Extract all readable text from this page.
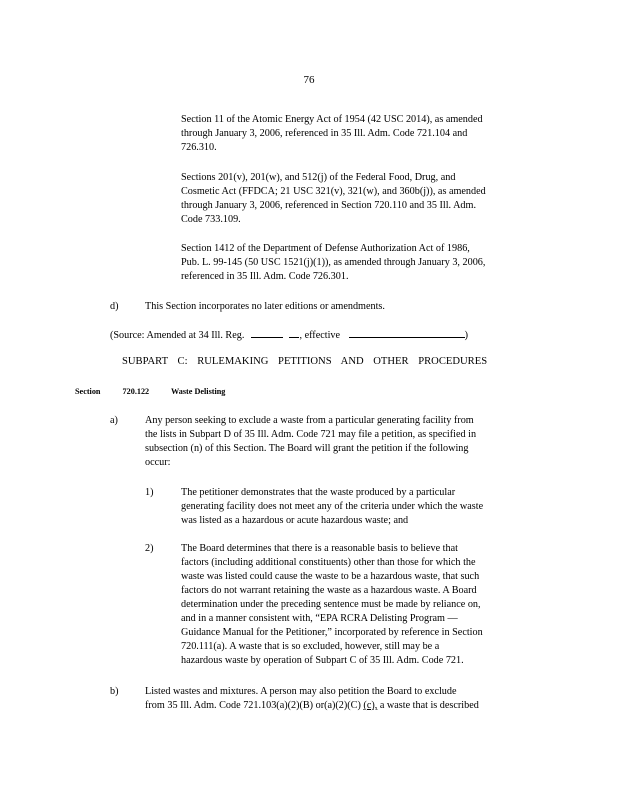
76
Section 11 of the Atomic Energy Act of 1954 (42 USC 2014), as amended
through January 3, 2006, referenced in 35 Ill. Adm. Code 721.104 and
726.310.
Sections 201(v), 201(w), and 512(j) of the Federal Food, Drug, and
Cosmetic Act (FFDCA; 21 USC 321(v), 321(w), and 360b(j)), as amended
through January 3, 2006, referenced in Section 720.110 and 35 Ill. Adm.
Code 733.109.
Section 1412 of the Department of Defense Authorization Act of 1986,
Pub. L. 99-145 (50 USC 1521(j)(1)), as amended through January 3, 2006,
referenced in 35 Ill. Adm. Code 726.301.
d)	This Section incorporates no later editions or amendments.
(Source: Amended at 34 Ill. Reg.	, effective	)
SUBPART C: RULEMAKING PETITIONS AND OTHER PROCEDURES
Section	720.122	Waste Delisting
a)	Any person seeking to exclude a waste from a particular generating facility from
the lists in Subpart D of 35 Ill. Adm. Code 721 may file a petition, as specified in
subsection (n) of this Section. The Board will grant the petition if the following
occur:
1)	The petitioner demonstrates that the waste produced by a particular
generating facility does not meet any of the criteria under which the waste
was listed as a hazardous or acute hazardous waste; and
2)	The Board determines that there is a reasonable basis to believe that
factors (including additional constituents) other than those for which the
waste was listed could cause the waste to be a hazardous waste, that such
factors do not warrant retaining the waste as a hazardous waste. A Board
determination under the preceding sentence must be made by reliance on,
and in a manner consistent with, “EPA RCRA Delisting Program —
Guidance Manual for the Petitioner,” incorporated by reference in Section
720.111(a). A waste that is so excluded, however, still may be a
hazardous waste by operation of Subpart C of 35 Ill. Adm. Code 721.
b)	Listed wastes and mixtures. A person may also petition the Board to exclude
from 35 Ill. Adm. Code 721.103(a)(2)(B) or(a)(2)(C) (c), a waste that is described
